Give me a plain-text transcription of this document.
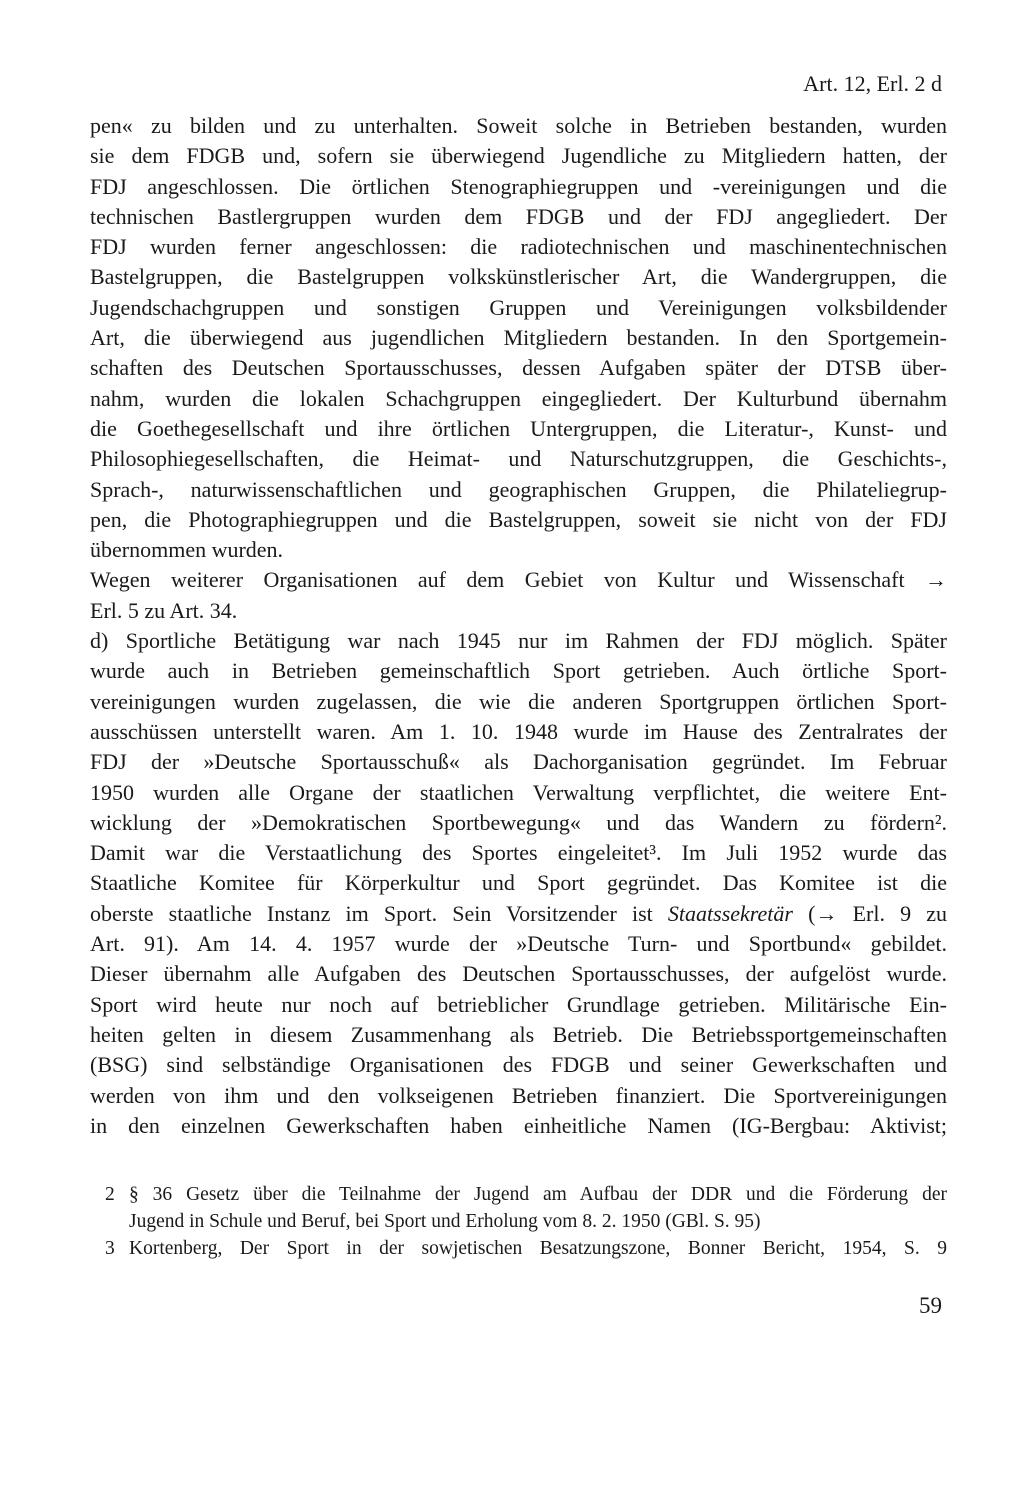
Art. 12, Erl. 2 d
pen« zu bilden und zu unterhalten. Soweit solche in Betrieben bestanden, wurden
sie dem FDGB und, sofern sie überwiegend Jugendliche zu Mitgliedern hatten, der
FDJ angeschlossen. Die örtlichen Stenographiegruppen und -vereinigungen und die
technischen Bastlergruppen wurden dem FDGB und der FDJ angegliedert. Der
FDJ wurden ferner angeschlossen: die radiotechnischen und maschinentechnischen
Bastelgruppen, die Bastelgruppen volkskünstlerischer Art, die Wandergruppen, die
Jugendschachgruppen und sonstigen Gruppen und Vereinigungen volksbildender
Art, die überwiegend aus jugendlichen Mitgliedern bestanden. In den Sportgemein-
schaften des Deutschen Sportausschusses, dessen Aufgaben später der DTSB über-
nahm, wurden die lokalen Schachgruppen eingegliedert. Der Kulturbund übernahm
die Goethegesellschaft und ihre örtlichen Untergruppen, die Literatur-, Kunst- und
Philosophiegesellschaften, die Heimat- und Naturschutzgruppen, die Geschichts-,
Sprach-, naturwissenschaftlichen und geographischen Gruppen, die Philateliegrup-
pen, die Photographiegruppen und die Bastelgruppen, soweit sie nicht von der FDJ
übernommen wurden.
Wegen weiterer Organisationen auf dem Gebiet von Kultur und Wissenschaft →
Erl. 5 zu Art. 34.
d) Sportliche Betätigung war nach 1945 nur im Rahmen der FDJ möglich. Später
wurde auch in Betrieben gemeinschaftlich Sport getrieben. Auch örtliche Sport-
vereinigungen wurden zugelassen, die wie die anderen Sportgruppen örtlichen Sport-
ausschüssen unterstellt waren. Am 1. 10. 1948 wurde im Hause des Zentralrates der
FDJ der »Deutsche Sportausschuß« als Dachorganisation gegründet. Im Februar
1950 wurden alle Organe der staatlichen Verwaltung verpflichtet, die weitere Ent-
wicklung der »Demokratischen Sportbewegung« und das Wandern zu fördern².
Damit war die Verstaatlichung des Sportes eingeleitet³. Im Juli 1952 wurde das
Staatliche Komitee für Körperkultur und Sport gegründet. Das Komitee ist die
oberste staatliche Instanz im Sport. Sein Vorsitzender ist Staatssekretär (→ Erl. 9 zu
Art. 91). Am 14. 4. 1957 wurde der »Deutsche Turn- und Sportbund« gebildet.
Dieser übernahm alle Aufgaben des Deutschen Sportausschusses, der aufgelöst wurde.
Sport wird heute nur noch auf betrieblicher Grundlage getrieben. Militärische Ein-
heiten gelten in diesem Zusammenhang als Betrieb. Die Betriebssportgemeinschaften
(BSG) sind selbständige Organisationen des FDGB und seiner Gewerkschaften und
werden von ihm und den volkseigenen Betrieben finanziert. Die Sportvereinigungen
in den einzelnen Gewerkschaften haben einheitliche Namen (IG-Bergbau: Aktivist;
2 § 36 Gesetz über die Teilnahme der Jugend am Aufbau der DDR und die Förderung der
Jugend in Schule und Beruf, bei Sport und Erholung vom 8. 2. 1950 (GBl. S. 95)
3 Kortenberg, Der Sport in der sowjetischen Besatzungszone, Bonner Bericht, 1954, S. 9
59
